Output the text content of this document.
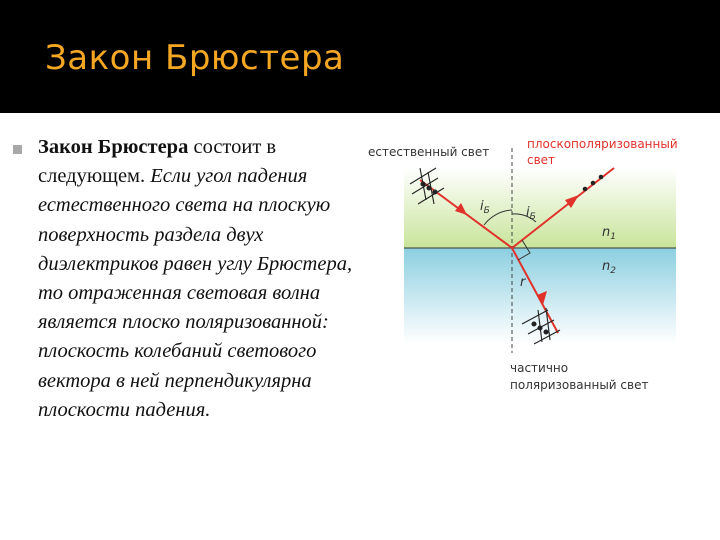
Закон Брюстера

Закон Брюстера состоит в следующем. Если угол падения естественного света на плоскую поверхность раздела двух диэлектриков равен углу Брюстера, то отраженная световая волна является плоско поляризованной: плоскость колебаний светового вектора в ней перпендикулярна плоскости падения.

естественный свет
плоскополяризованный
свет
$i_Б$	$i_Б$
r
$n_1$
$n_2$
частично
поляризованный свет
